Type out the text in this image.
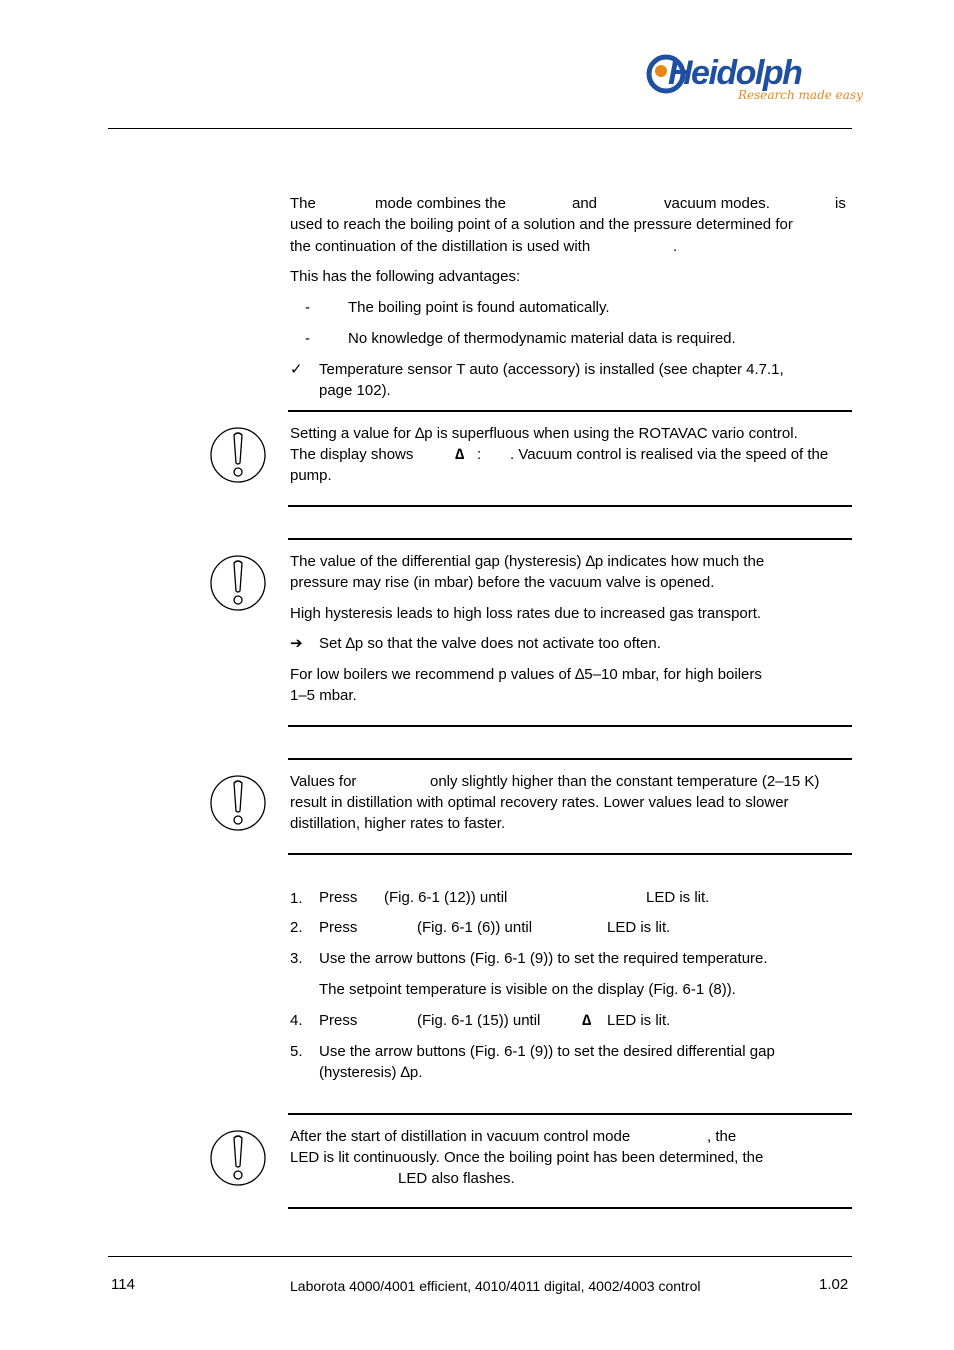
Heidolph
Research made easy
The	mode combines the	and	vacuum modes.	is
used to reach the boiling point of a solution and the pressure determined for
the continuation of the distillation is used with	.
This has the following advantages:
-	The boiling point is found automatically.
-	No knowledge of thermodynamic material data is required.
✓ Temperature sensor T auto (accessory) is installed (see chapter 4.7.1,
page 102).
Setting a value for ∆p is superfluous when using the ROTAVAC vario control.
The display shows	∆ : . Vacuum control is realised via the speed of the
pump.
The value of the differential gap (hysteresis) ∆p indicates how much the
pressure may rise (in mbar) before the vacuum valve is opened.
High hysteresis leads to high loss rates due to increased gas transport.
➔ Set ∆p so that the valve does not activate too often.
For low boilers we recommend p values of ∆5–10 mbar, for high boilers
1–5 mbar.
Values for	only slightly higher than the constant temperature (2–15 K)
result in distillation with optimal recovery rates. Lower values lead to slower
distillation, higher rates to faster.
1. Press (Fig. 6-1 (12)) until	LED is lit.
2. Press	(Fig. 6-1 (6)) until	LED is lit.
3. Use the arrow buttons (Fig. 6-1 (9)) to set the required temperature.
The setpoint temperature is visible on the display (Fig. 6-1 (8)).
4. Press	(Fig. 6-1 (15)) until	∆ LED is lit.
5. Use the arrow buttons (Fig. 6-1 (9)) to set the desired differential gap
(hysteresis) ∆p.
After the start of distillation in vacuum control mode	, the
LED is lit continuously. Once the boiling point has been determined, the
LED also flashes.
114	Laborota 4000/4001 efficient, 4010/4011 digital, 4002/4003 control	1.02
